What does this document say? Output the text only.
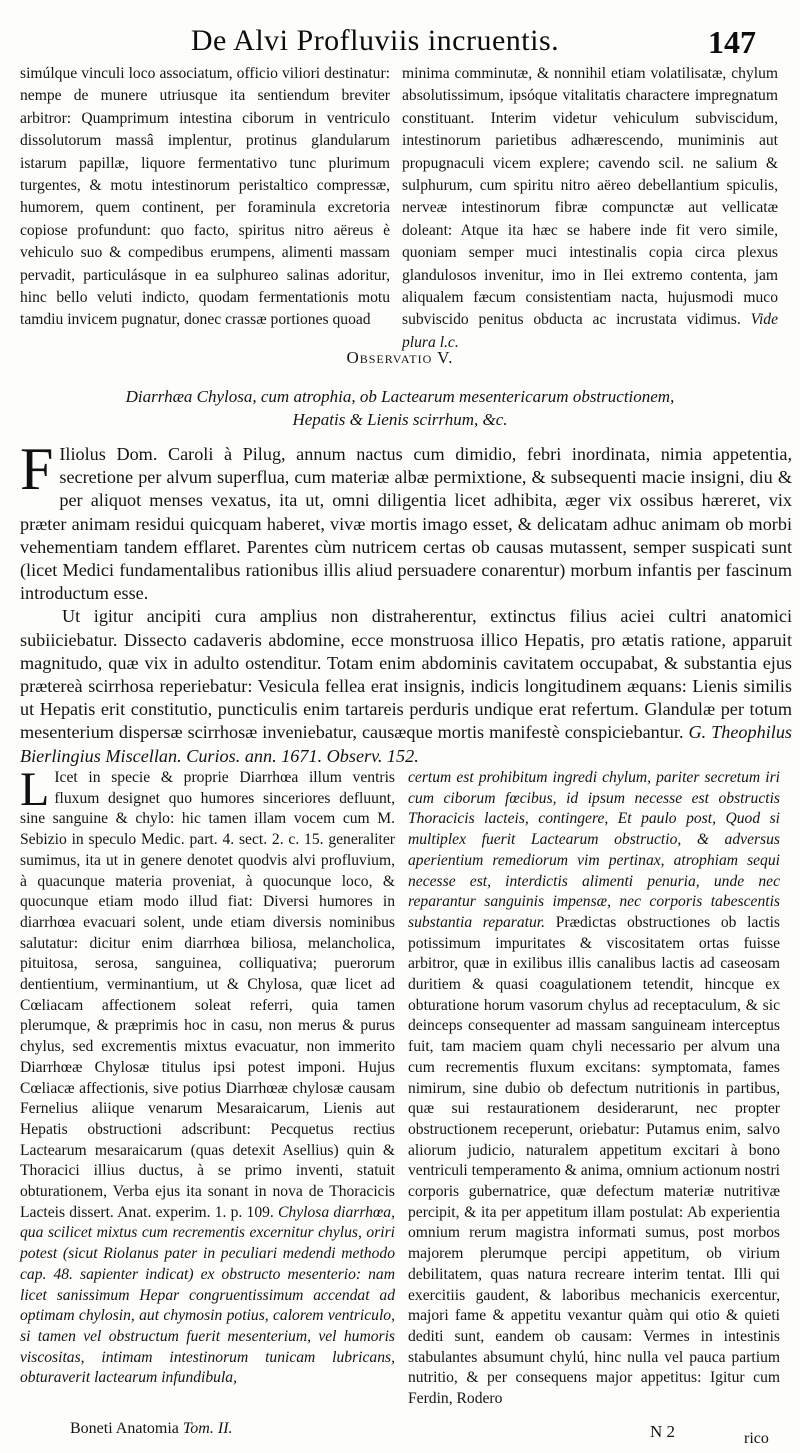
De Alvi Profluviis incruentis.	147

simúlque vinculi loco associatum, officio viliori destinatur: nempe de munere utriusque ita sentiendum breviter arbitror: Quamprimum intestina ciborum in ventriculo dissolutorum massâ implentur, protinus glandularum istarum papillæ, liquore fermentativo tunc plurimum turgentes, & motu intestinorum peristaltico compressæ, humorem, quem continent, per foraminula excretoria copiose profundunt: quo facto, spiritus nitro aëreus è vehiculo suo & compedibus erumpens, alimenti massam pervadit, particulásque in ea sulphureo salinas adoritur, hinc bello veluti indicto, quodam fermentationis motu tamdiu invicem pugnatur, donec crassæ portiones quoad

minima comminutæ, & nonnihil etiam volatilisatæ, chylum absolutissimum, ipsóque vitalitatis charactere impregnatum constituant. Interim videtur vehiculum subviscidum, intestinorum parietibus adhærescendo, muniminis aut propugnaculi vicem explere; cavendo scil. ne salium & sulphurum, cum spiritu nitro aëreo debellantium spiculis, nerveæ intestinorum fibræ compunctæ aut vellicatæ doleant: Atque ita hæc se habere inde fit vero simile, quoniam semper muci intestinalis copia circa plexus glandulosos invenitur, imo in Ilei extremo contenta, jam aliqualem fæcum consistentiam nacta, hujusmodi muco subviscido penitus obducta ac incrustata vidimus. Vide plura l.c.

Observatio V.
Diarrhæa Chylosa, cum atrophia, ob Lactearum mesentericarum obstructionem,
Hepatis & Lienis scirrhum, &c.

F Iliolus Dom. Caroli à Pilug, annum nactus cum dimidio, febri inordinata, nimia appetentia, secretione per alvum superflua, cum materiæ albæ permixtione, & subsequenti macie insigni, diu & per aliquot menses vexatus, ita ut, omni diligentia licet adhibita, æger vix ossibus hæreret, vix præter animam residui quicquam haberet, vivæ mortis imago esset, & delicatam adhuc animam ob morbi vehementiam tandem efflaret. Parentes cùm nutricem certas ob causas mutassent, semper suspicati sunt (licet Medici fundamentalibus rationibus illis aliud persuadere conarentur) morbum infantis per fascinum introductum esse.

Ut igitur ancipiti cura amplius non distraherentur, extinctus filius aciei cultri anatomici subiiciebatur. Dissecto cadaveris abdomine, ecce monstruosa illico Hepatis, pro ætatis ratione, apparuit magnitudo, quæ vix in adulto ostenditur. Totam enim abdominis cavitatem occupabat, & substantia ejus prætereà scirrhosa reperiebatur: Vesicula fellea erat insignis, indicis longitudinem æquans: Lienis similis ut Hepatis erit constitutio, puncticulis enim tartareis perduris undique erat refertum. Glandulæ per totum mesenterium dispersæ scirrhosæ inveniebatur, causæque mortis manifestè conspiciebantur. G. Theophilus Bierlingius Miscellan. Curios. ann. 1671. Observ. 152.

L Icet in specie & proprie Diarrhœa illum ventris fluxum designet quo humores sinceriores defluunt, sine sanguine & chylo: hic tamen illam vocem cum M. Sebizio in speculo Medic. part. 4. sect. 2. c. 15. generaliter sumimus, ita ut in genere denotet quodvis alvi profluvium, à quacunque materia proveniat, à quocunque loco, & quocunque etiam modo illud fiat: Diversi humores in diarrhœa evacuari solent, unde etiam diversis nominibus salutatur: dicitur enim diarrhœa biliosa, melancholica, pituitosa, serosa, sanguinea, colliquativa; puerorum dentientium, verminantium, ut & Chylosa, quæ licet ad Cœliacam affectionem soleat referri, quia tamen plerumque, & præprimis hoc in casu, non merus & purus chylus, sed excrementis mixtus evacuatur, non immerito Diarrhœæ Chylosæ titulus ipsi potest imponi. Hujus Cœliacæ affectionis, sive potius Diarrhœæ chylosæ causam Fernelius aliique venarum Mesaraicarum, Lienis aut Hepatis obstructioni adscribunt: Pecquetus rectius Lactearum mesaraicarum (quas detexit Asellius) quin & Thoracici illius ductus, à se primo inventi, statuit obturationem, Verba ejus ita sonant in nova de Thoracicis Lacteis dissert. Anat. experim. 1. p. 109. Chylosa diarrhœa, qua scilicet mixtus cum recrementis excernitur chylus, oriri potest (sicut Riolanus pater in peculiari medendi methodo cap. 48. sapienter indicat) ex obstructo mesenterio: nam licet sanissimum Hepar congruentissimum accendat ad optimam chylosin, aut chymosin potius, calorem ventriculo, si tamen vel obstructum fuerit mesenterium, vel humoris viscositas, intimam intestinorum tunicam lubricans, obturaverit lactearum infundibula,

certum est prohibitum ingredi chylum, pariter secretum iri cum ciborum fœcibus, id ipsum necesse est obstructis Thoracicis lacteis, contingere, Et paulo post, Quod si multiplex fuerit Lactearum obstructio, & adversus aperientium remediorum vim pertinax, atrophiam sequi necesse est, interdictis alimenti penuria, unde nec reparantur sanguinis impensæ, nec corporis tabescentis substantia reparatur. Prædictas obstructiones ob lactis potissimum impuritates & viscositatem ortas fuisse arbitror, quæ in exilibus illis canalibus lactis ad caseosam duritiem & quasi coagulationem tetendit, hincque ex obturatione horum vasorum chylus ad receptaculum, & sic deinceps consequenter ad massam sanguineam interceptus fuit, tam maciem quam chyli necessario per alvum una cum recrementis fluxum excitans: symptomata, fames nimirum, sine dubio ob defectum nutritionis in partibus, quæ sui restaurationem desiderarunt, nec propter obstructionem receperunt, oriebatur: Putamus enim, salvo aliorum judicio, naturalem appetitum excitari à bono ventriculi temperamento & anima, omnium actionum nostri corporis gubernatrice, quæ defectum materiæ nutritivæ percipit, & ita per appetitum illam postulat: Ab experientia omnium rerum magistra informati sumus, post morbos majorem plerumque percipi appetitum, ob virium debilitatem, quas natura recreare interim tentat. Illi qui exercitiis gaudent, & laboribus mechanicis exercentur, majori fame & appetitu vexantur quàm qui otio & quieti dediti sunt, eandem ob causam: Vermes in intestinis stabulantes absumunt chylú, hinc nulla vel pauca partium nutritio, & per consequens major appetitus: Igitur cum Ferdin, Rodero

Boneti Anatomia Tom. II.	N 2	rico
